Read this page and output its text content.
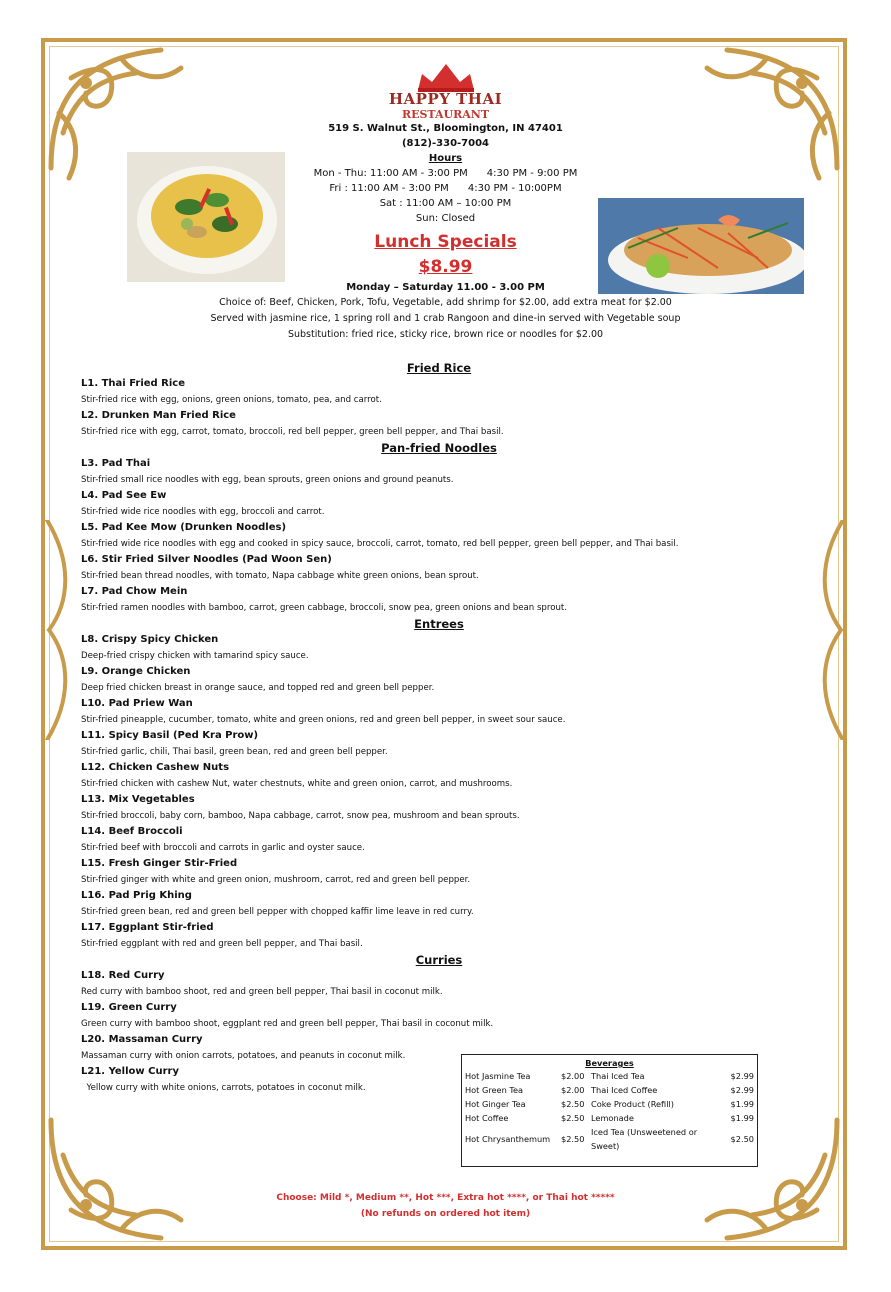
HAPPY THAI
RESTAURANT
519 S. Walnut St., Bloomington, IN 47401
(812)-330-7004
Hours
Mon - Thu: 11:00 AM - 3:00 PM      4:30 PM - 9:00 PM
Fri : 11:00 AM - 3:00 PM      4:30 PM - 10:00PM
Sat : 11:00 AM – 10:00 PM
Sun: Closed
Lunch Specials
$8.99
Monday – Saturday 11.00 - 3.00 PM
Choice of: Beef, Chicken, Pork, Tofu, Vegetable, add shrimp for $2.00, add extra meat for $2.00
Served with jasmine rice, 1 spring roll and 1 crab Rangoon and dine-in served with Vegetable soup
Substitution: fried rice, sticky rice, brown rice or noodles for $2.00
Fried Rice
L1. Thai Fried Rice
Stir-fried rice with egg, onions, green onions, tomato, pea, and carrot.
L2. Drunken Man Fried Rice
Stir-fried rice with egg, carrot, tomato, broccoli, red bell pepper, green bell pepper, and Thai basil.
Pan-fried Noodles
L3. Pad Thai
Stir-fried small rice noodles with egg, bean sprouts, green onions and ground peanuts.
L4. Pad See Ew
Stir-fried wide rice noodles with egg, broccoli and carrot.
L5. Pad Kee Mow (Drunken Noodles)
Stir-fried wide rice noodles with egg and cooked in spicy sauce, broccoli, carrot, tomato, red bell pepper, green bell pepper, and Thai basil.
L6. Stir Fried Silver Noodles (Pad Woon Sen)
Stir-fried bean thread noodles, with tomato, Napa cabbage white green onions, bean sprout.
L7. Pad Chow Mein
Stir-fried ramen noodles with bamboo, carrot, green cabbage, broccoli, snow pea, green onions and bean sprout.
Entrees
L8. Crispy Spicy Chicken
Deep-fried crispy chicken with tamarind spicy sauce.
L9. Orange Chicken
Deep fried chicken breast in orange sauce, and topped red and green bell pepper.
L10. Pad Priew Wan
Stir-fried pineapple, cucumber, tomato, white and green onions, red and green bell pepper, in sweet sour sauce.
L11. Spicy Basil (Ped Kra Prow)
Stir-fried garlic, chili, Thai basil, green bean, red and green bell pepper.
L12. Chicken Cashew Nuts
Stir-fried chicken with cashew Nut, water chestnuts, white and green onion, carrot, and mushrooms.
L13. Mix Vegetables
Stir-fried broccoli, baby corn, bamboo, Napa cabbage, carrot, snow pea, mushroom and bean sprouts.
L14. Beef Broccoli
Stir-fried beef with broccoli and carrots in garlic and oyster sauce.
L15. Fresh Ginger Stir-Fried
Stir-fried ginger with white and green onion, mushroom, carrot, red and green bell pepper.
L16. Pad Prig Khing
Stir-fried green bean, red and green bell pepper with chopped kaffir lime leave in red curry.
L17. Eggplant Stir-fried
Stir-fried eggplant with red and green bell pepper, and Thai basil.
Curries
L18. Red Curry
Red curry with bamboo shoot, red and green bell pepper, Thai basil in coconut milk.
L19. Green Curry
Green curry with bamboo shoot, eggplant red and green bell pepper, Thai basil in coconut milk.
L20. Massaman Curry
Massaman curry with onion carrots, potatoes, and peanuts in coconut milk.
L21. Yellow Curry
Yellow curry with white onions, carrots, potatoes in coconut milk.
Beverages
Hot Jasmine Tea	$2.00	Thai Iced Tea	$2.99
Hot Green Tea	$2.00	Thai Iced Coffee	$2.99
Hot Ginger Tea	$2.50	Coke Product (Refill)	$1.99
Hot Coffee	$2.50	Lemonade	$1.99
Hot Chrysanthemum	$2.50	Iced Tea (Unsweetened or Sweet)	$2.50
Choose: Mild *, Medium **, Hot ***, Extra hot ****, or Thai hot *****
(No refunds on ordered hot item)
